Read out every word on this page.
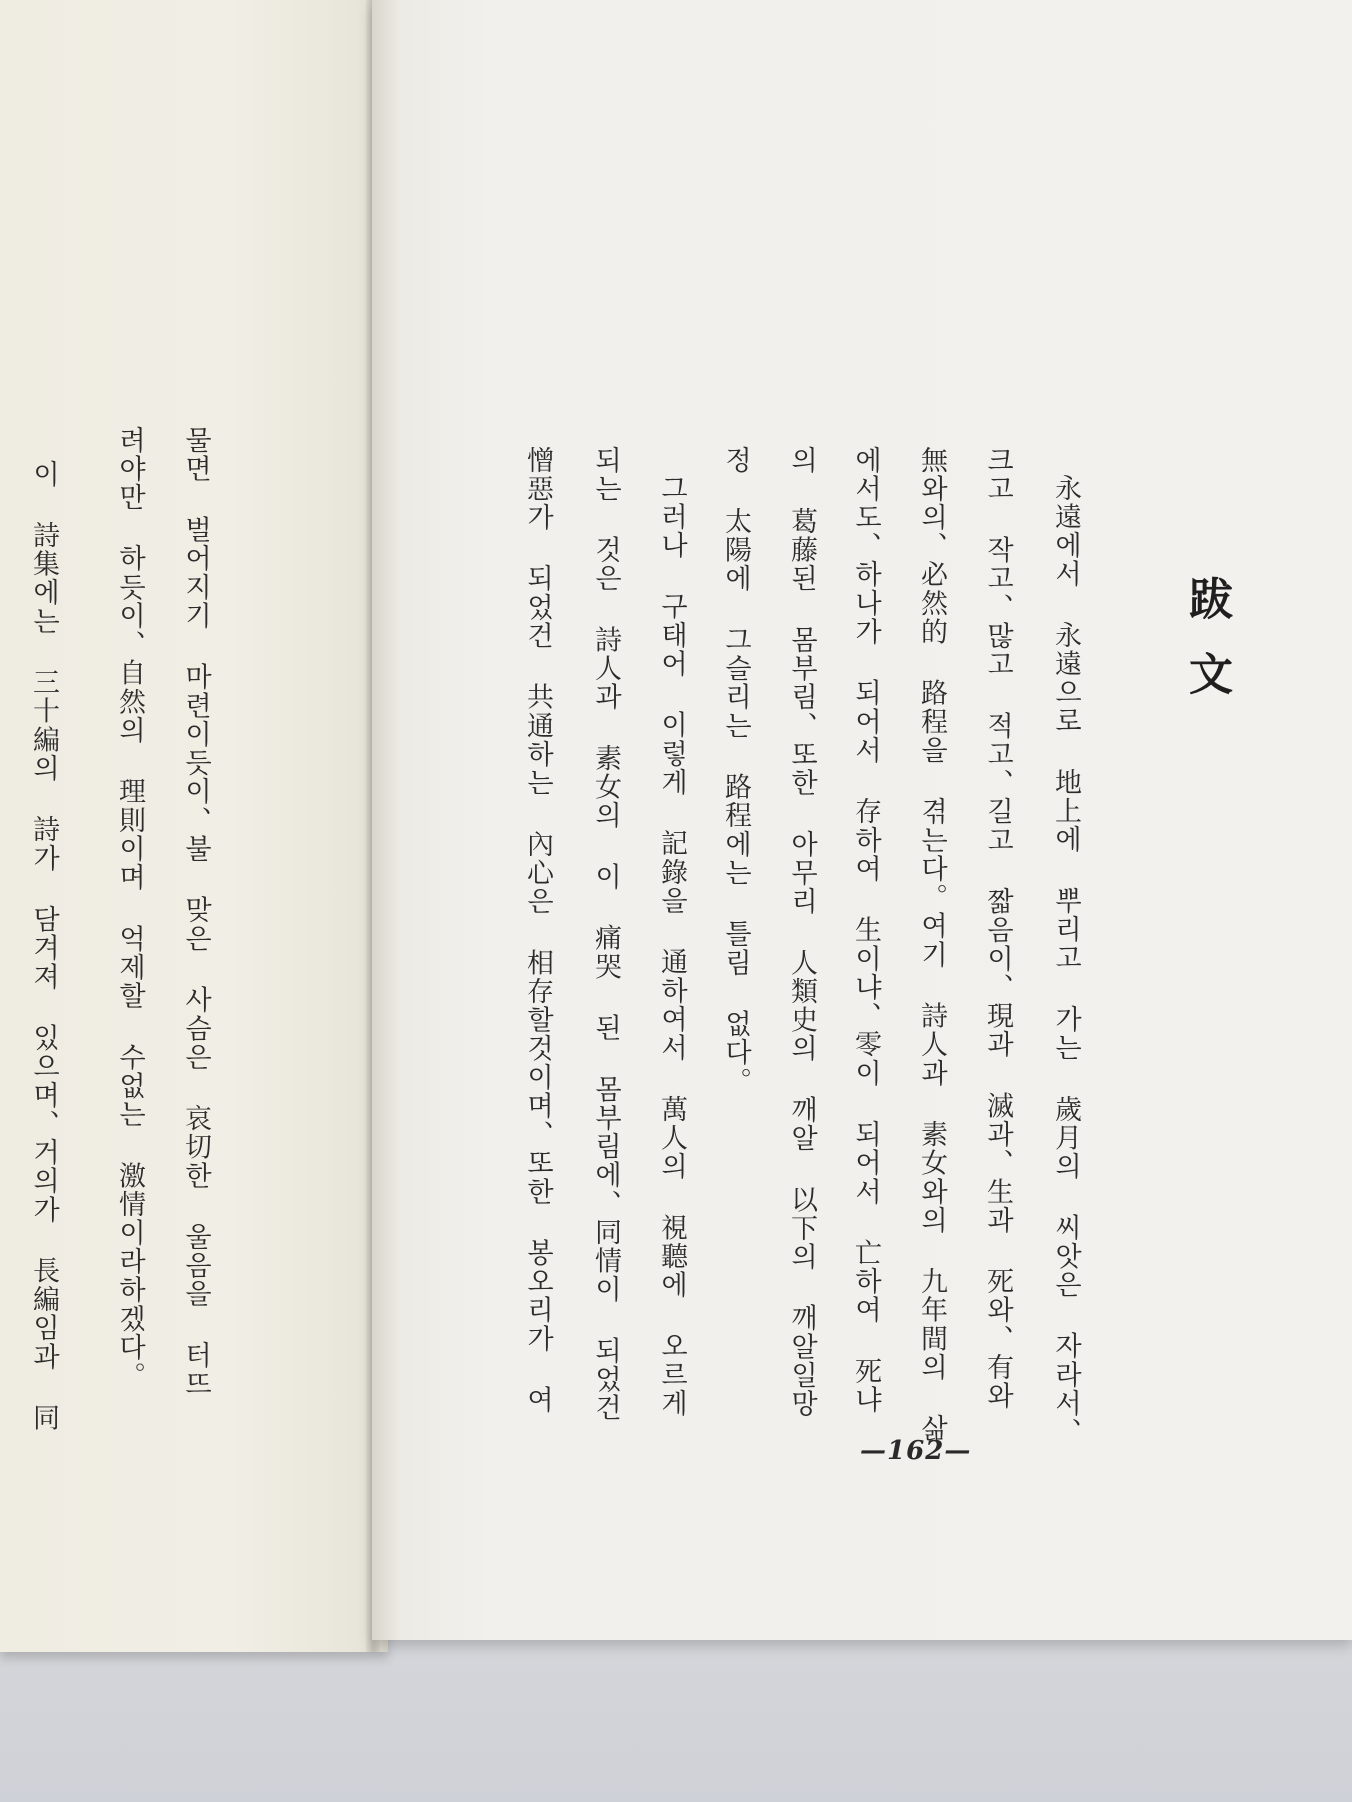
물면 벌어지기 마련이듯이、불 맞은 사슴은 哀切한 울음을 터뜨

려야만 하듯이、自然의 理則이며 억제할 수없는 激情이라하겠다。

이 詩集에는 三十編의 詩가 담겨져 있으며、거의가 長編임과 同	跋文

永遠에서 永遠으로 地上에 뿌리고 가는 歲月의 씨앗은 자라서、

크고 작고、많고 적고、길고 짧음이、現과 滅과、生과 死와、有와

無와의、必然的 路程을 겪는다。여기 詩人과 素女와의 九年間의 삶

에서도、하나가 되어서 存하여 生이냐、零이 되어서 亡하여 死냐

의 葛藤된 몸부림、또한 아무리 人類史의 깨알 以下의 깨알일망

정 太陽에 그슬리는 路程에는 틀림 없다。

그러나 구태어 이렇게 記錄을 通하여서 萬人의 視聽에 오르게

되는 것은 詩人과 素女의 이 痛哭 된 몸부림에、同情이 되었건

憎惡가 되었건 共通하는 內心은 相存할것이며、또한 봉오리가 여

—162—
